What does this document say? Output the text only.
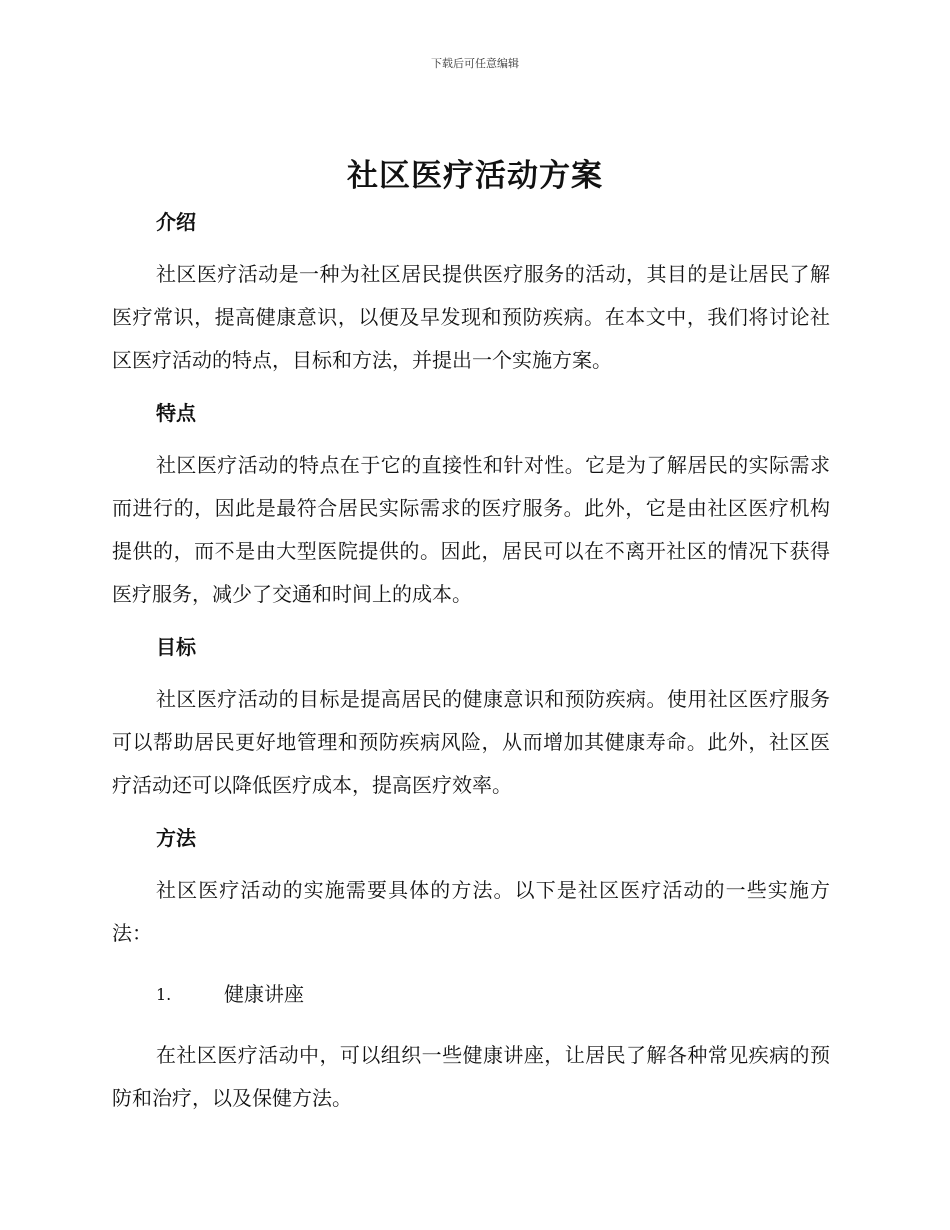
下载后可任意编辑
社区医疗活动方案
介绍

社区医疗活动是一种为社区居民提供医疗服务的活动，其目的是让居民了解医疗常识，提高健康意识，以便及早发现和预防疾病。在本文中，我们将讨论社区医疗活动的特点，目标和方法，并提出一个实施方案。

特点

社区医疗活动的特点在于它的直接性和针对性。它是为了解居民的实际需求而进行的，因此是最符合居民实际需求的医疗服务。此外，它是由社区医疗机构提供的，而不是由大型医院提供的。因此，居民可以在不离开社区的情况下获得医疗服务，减少了交通和时间上的成本。

目标

社区医疗活动的目标是提高居民的健康意识和预防疾病。使用社区医疗服务可以帮助居民更好地管理和预防疾病风险，从而增加其健康寿命。此外，社区医疗活动还可以降低医疗成本，提高医疗效率。

方法

社区医疗活动的实施需要具体的方法。以下是社区医疗活动的一些实施方法：

1.	健康讲座

在社区医疗活动中，可以组织一些健康讲座，让居民了解各种常见疾病的预防和治疗，以及保健方法。
